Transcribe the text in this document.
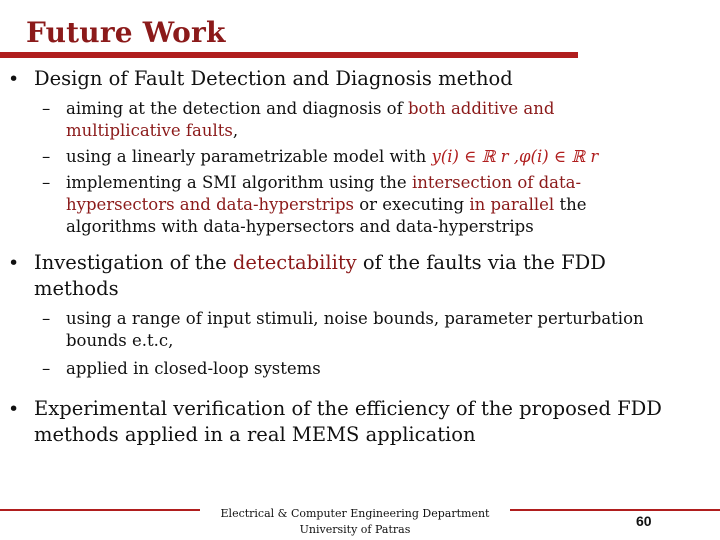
Future Work
• Design of Fault Detection and Diagnosis method
– aiming at the detection and diagnosis of both additive and multiplicative faults,
– using a linearly parametrizable model with y(i) ∈ ℝ r ,φ(i) ∈ ℝ r
– implementing a SMI algorithm using the intersection of data-hypersectors and data-hyperstrips or executing in parallel the algorithms with data-hypersectors and data-hyperstrips
• Investigation of the detectability of the faults via the FDD methods
– using a range of input stimuli, noise bounds, parameter perturbation bounds e.t.c,
– applied in closed-loop systems
• Experimental verification of the efficiency of the proposed FDD methods applied in a real MEMS application
Electrical & Computer Engineering Department
University of Patras
60
